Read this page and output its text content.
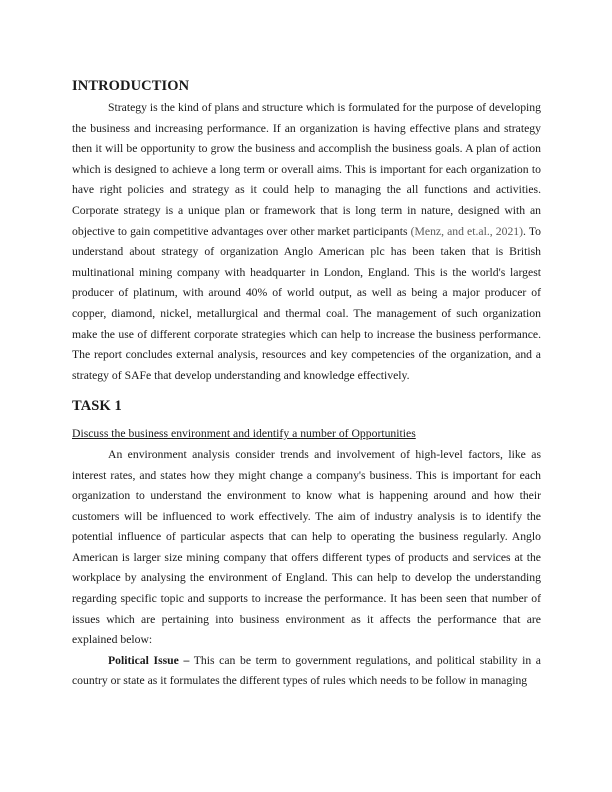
INTRODUCTION

Strategy is the kind of plans and structure which is formulated for the purpose of developing the business and increasing performance. If an organization is having effective plans and strategy then it will be opportunity to grow the business and accomplish the business goals. A plan of action which is designed to achieve a long term or overall aims. This is important for each organization to have right policies and strategy as it could help to managing the all functions and activities. Corporate strategy is a unique plan or framework that is long term in nature, designed with an objective to gain competitive advantages over other market participants (Menz, and et.al., 2021). To understand about strategy of organization Anglo American plc has been taken that is British multinational mining company with headquarter in London, England. This is the world's largest producer of platinum, with around 40% of world output, as well as being a major producer of copper, diamond, nickel, metallurgical and thermal coal. The management of such organization make the use of different corporate strategies which can help to increase the business performance. The report concludes external analysis, resources and key competencies of the organization, and a strategy of SAFe that develop understanding and knowledge effectively.

TASK 1

Discuss the business environment and identify a number of Opportunities

An environment analysis consider trends and involvement of high-level factors, like as interest rates, and states how they might change a company's business. This is important for each organization to understand the environment to know what is happening around and how their customers will be influenced to work effectively. The aim of industry analysis is to identify the potential influence of particular aspects that can help to operating the business regularly. Anglo American is larger size mining company that offers different types of products and services at the workplace by analysing the environment of England. This can help to develop the understanding regarding specific topic and supports to increase the performance. It has been seen that number of issues which are pertaining into business environment as it affects the performance that are explained below:

Political Issue – This can be term to government regulations, and political stability in a country or state as it formulates the different types of rules which needs to be follow in managing
